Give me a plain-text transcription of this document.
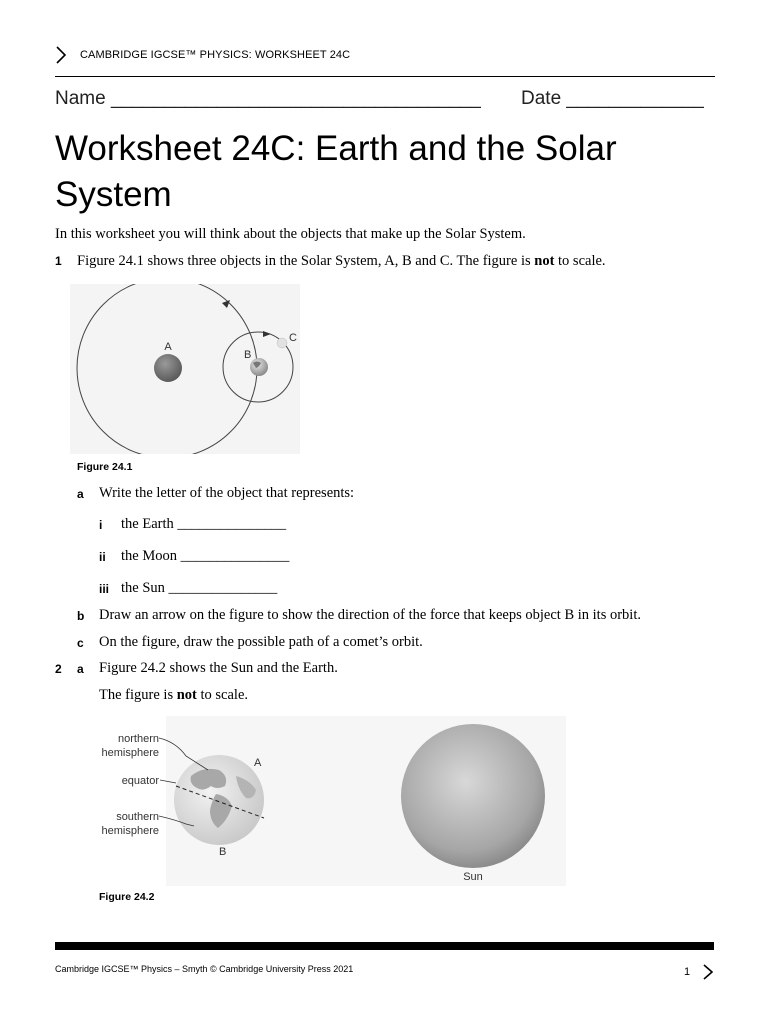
CAMBRIDGE IGCSE™ PHYSICS: WORKSHEET 24C
Name ___________________________________ Date _____________
Worksheet 24C: Earth and the Solar
System
In this worksheet you will think about the objects that make up the Solar System.
1 Figure 24.1 shows three objects in the Solar System, A, B and C. The figure is not to scale.
A
B
C
Figure 24.1
a Write the letter of the object that represents:
i the Earth _______________
ii the Moon _______________
iii the Sun _______________
b Draw an arrow on the figure to show the direction of the force that keeps object B in its orbit.
c On the figure, draw the possible path of a comet’s orbit.
2 a Figure 24.2 shows the Sun and the Earth.
The figure is not to scale.
northern
hemisphere
equator
southern
hemisphere
A
B
Sun
Figure 24.2
Cambridge IGCSE™ Physics – Smyth © Cambridge University Press 2021	1
